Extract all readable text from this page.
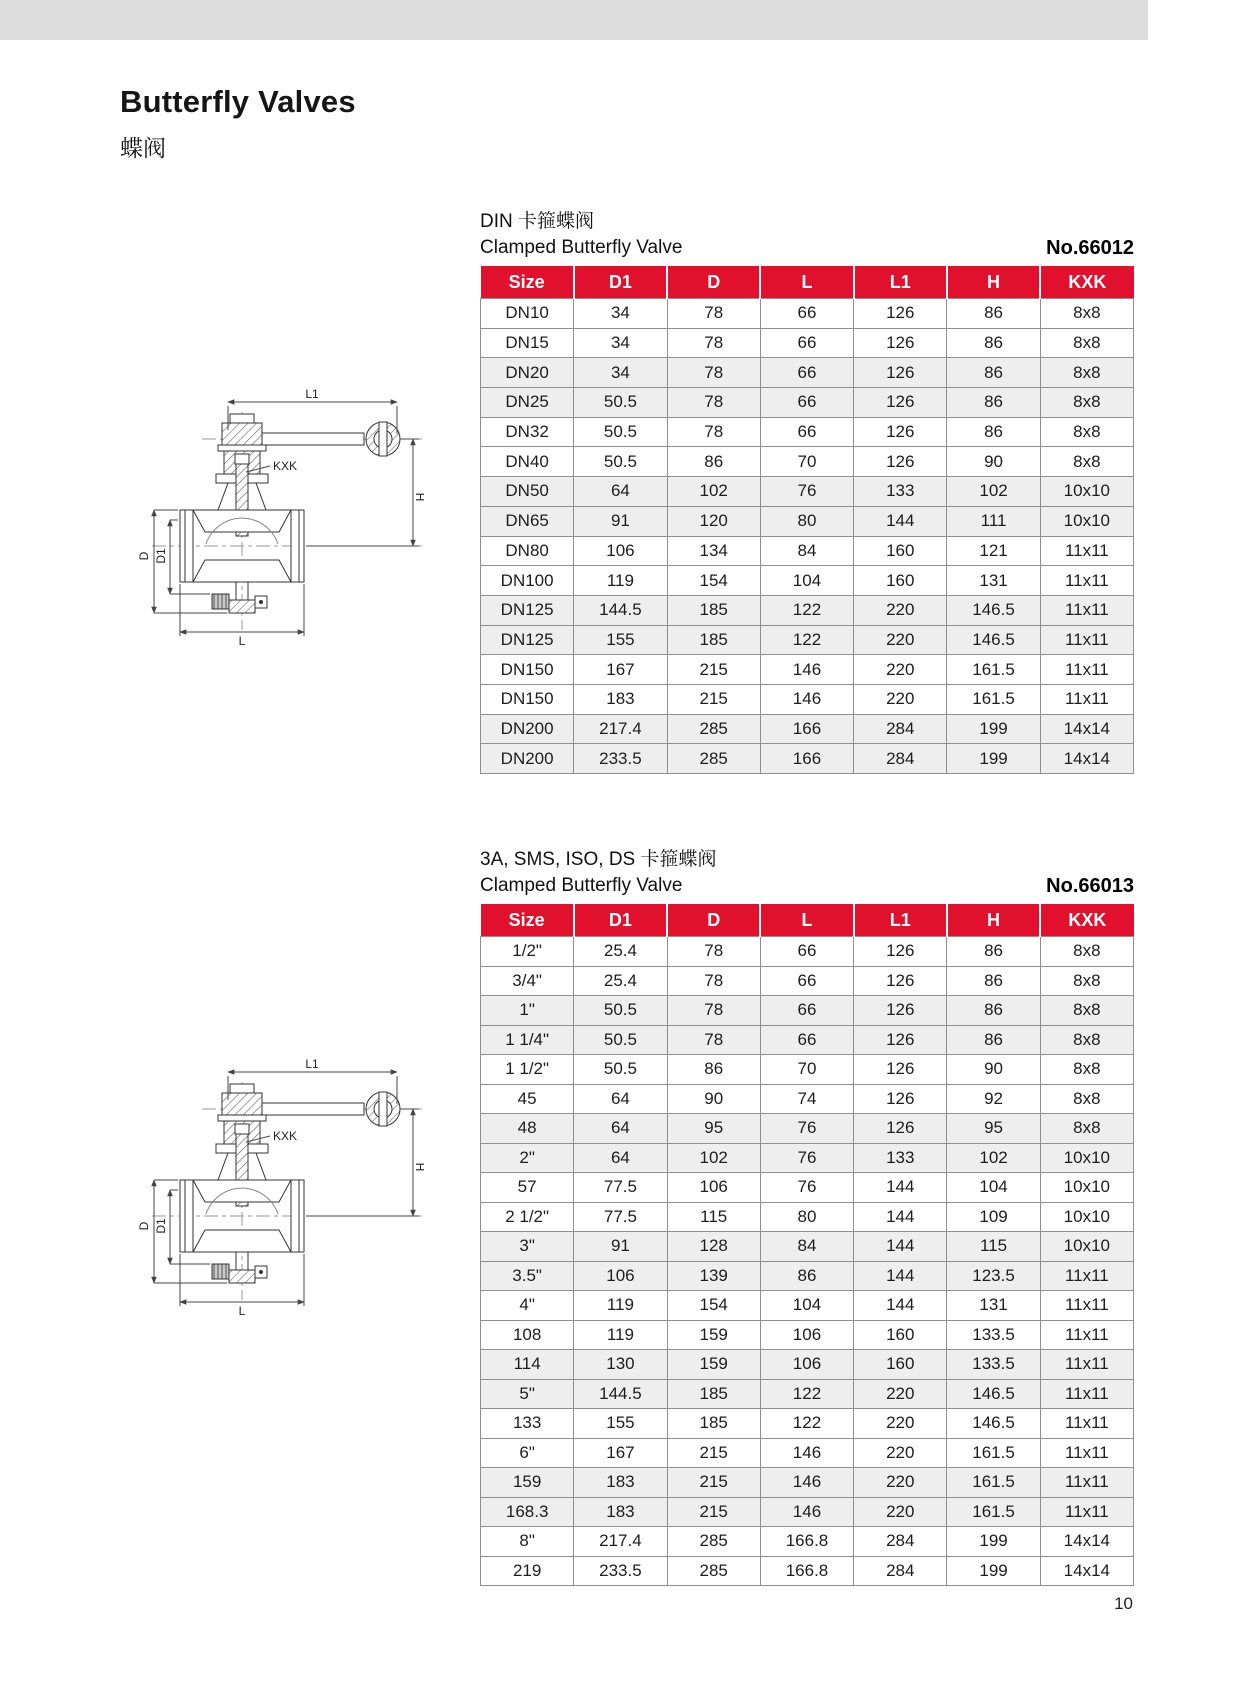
Butterfly Valves
蝶阀
DIN 卡箍蝶阀
Clamped Butterfly Valve	No.66012
Size	D1	D	L	L1	H	KXK
DN10	34	78	66	126	86	8x8
DN15	34	78	66	126	86	8x8
DN20	34	78	66	126	86	8x8
DN25	50.5	78	66	126	86	8x8
DN32	50.5	78	66	126	86	8x8
DN40	50.5	86	70	126	90	8x8
DN50	64	102	76	133	102	10x10
DN65	91	120	80	144	111	10x10
DN80	106	134	84	160	121	11x11
DN100	119	154	104	160	131	11x11
DN125	144.5	185	122	220	146.5	11x11
DN125	155	185	122	220	146.5	11x11
DN150	167	215	146	220	161.5	11x11
DN150	183	215	146	220	161.5	11x11
DN200	217.4	285	166	284	199	14x14
DN200	233.5	285	166	284	199	14x14
3A, SMS, ISO, DS 卡箍蝶阀
Clamped Butterfly Valve	No.66013
Size	D1	D	L	L1	H	KXK
1/2"	25.4	78	66	126	86	8x8
3/4"	25.4	78	66	126	86	8x8
1"	50.5	78	66	126	86	8x8
1 1/4"	50.5	78	66	126	86	8x8
1 1/2"	50.5	86	70	126	90	8x8
45	64	90	74	126	92	8x8
48	64	95	76	126	95	8x8
2"	64	102	76	133	102	10x10
57	77.5	106	76	144	104	10x10
2 1/2"	77.5	115	80	144	109	10x10
3"	91	128	84	144	115	10x10
3.5"	106	139	86	144	123.5	11x11
4"	119	154	104	144	131	11x11
108	119	159	106	160	133.5	11x11
114	130	159	106	160	133.5	11x11
5"	144.5	185	122	220	146.5	11x11
133	155	185	122	220	146.5	11x11
6"	167	215	146	220	161.5	11x11
159	183	215	146	220	161.5	11x11
168.3	183	215	146	220	161.5	11x11
8"	217.4	285	166.8	284	199	14x14
219	233.5	285	166.8	284	199	14x14
10
